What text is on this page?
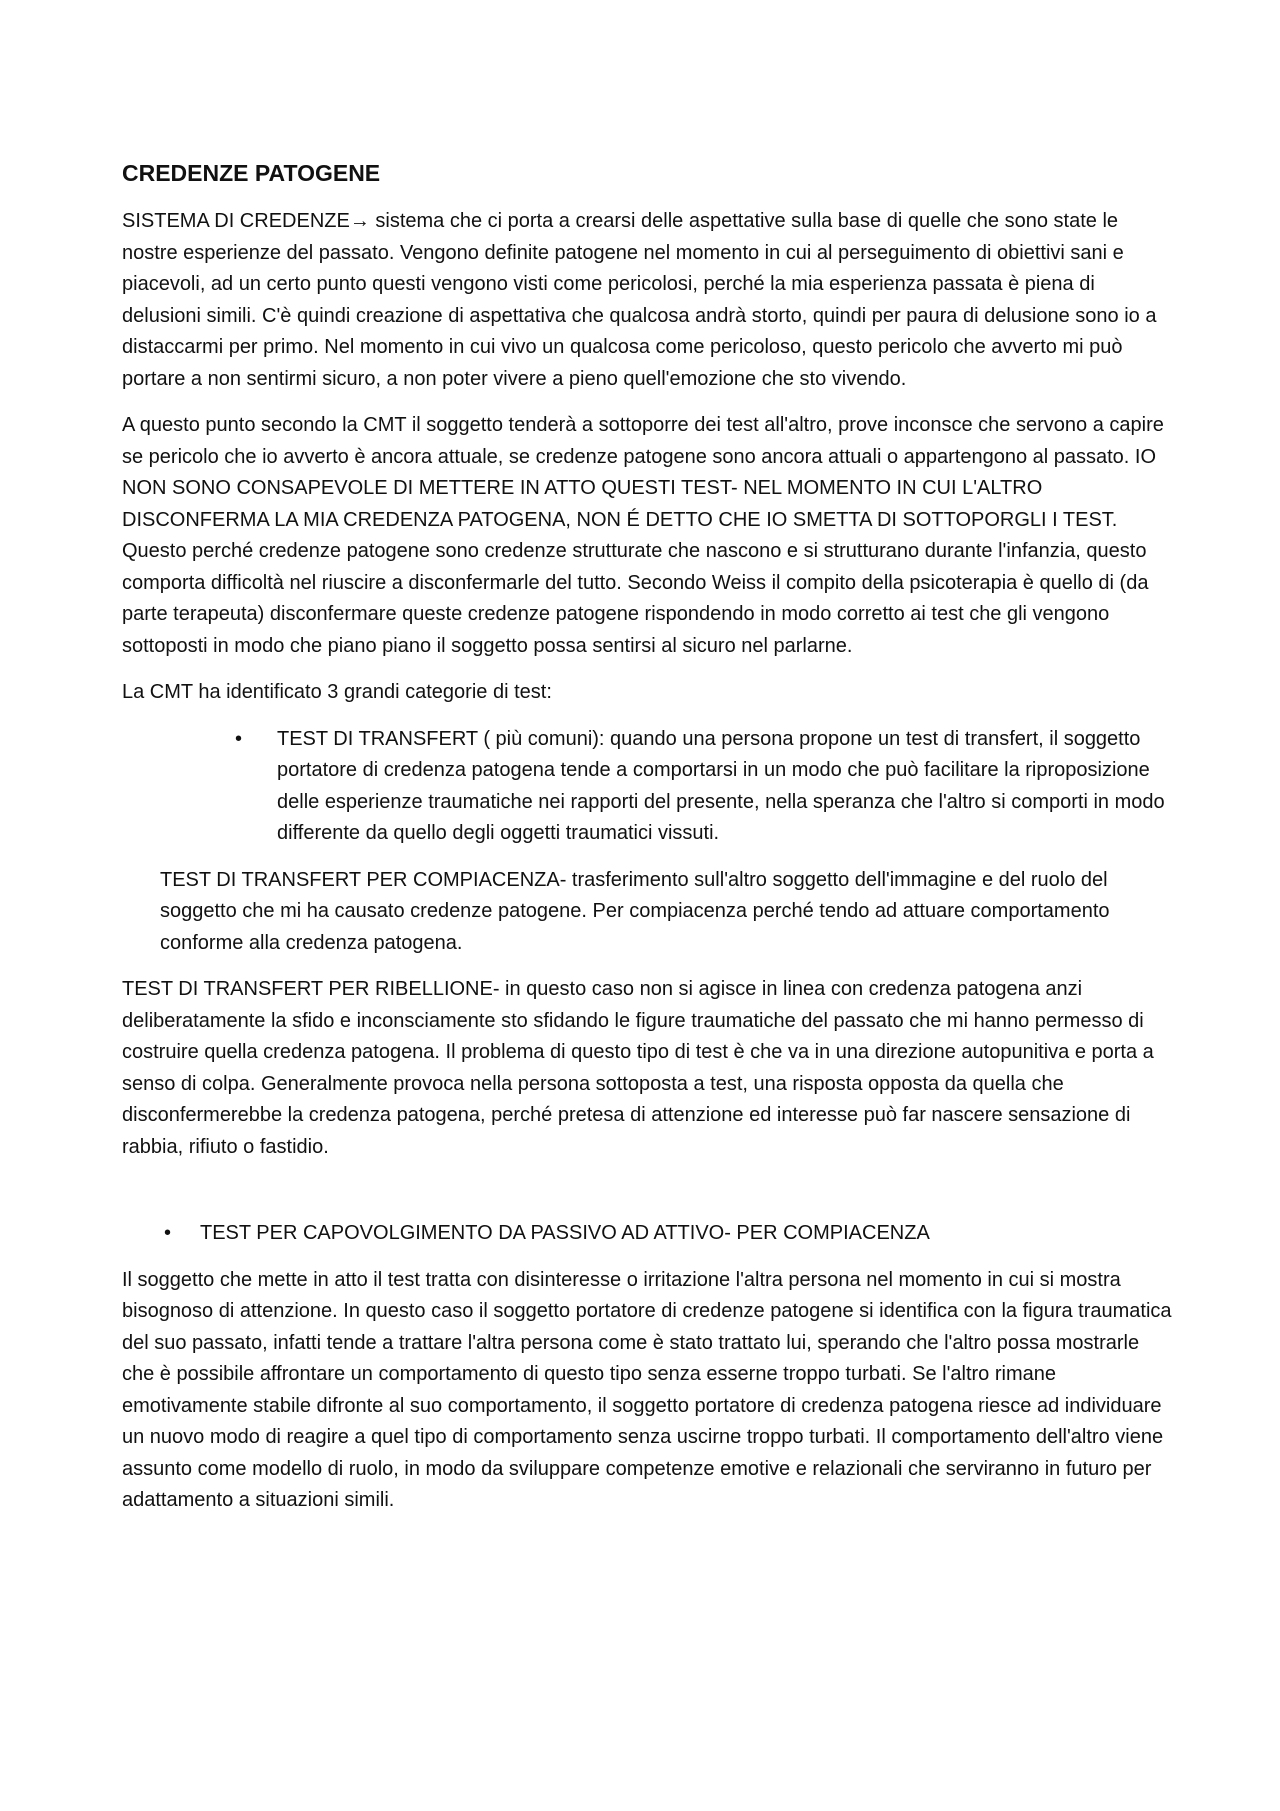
CREDENZE PATOGENE

SISTEMA DI CREDENZE→ sistema che ci porta a crearsi delle aspettative sulla base di quelle che sono state le nostre esperienze del passato. Vengono definite patogene nel momento in cui al perseguimento di obiettivi sani e piacevoli, ad un certo punto questi vengono visti come pericolosi, perché la mia esperienza passata è piena di delusioni simili. C'è quindi creazione di aspettativa che qualcosa andrà storto, quindi per paura di delusione sono io a distaccarmi per primo. Nel momento in cui vivo un qualcosa come pericoloso, questo pericolo che avverto mi può portare a non sentirmi sicuro, a non poter vivere a pieno quell'emozione che sto vivendo.

A questo punto secondo la CMT il soggetto tenderà a sottoporre dei test all'altro, prove inconsce che servono a capire se pericolo che io avverto è ancora attuale, se credenze patogene sono ancora attuali o appartengono al passato. IO NON SONO CONSAPEVOLE DI METTERE IN ATTO QUESTI TEST- NEL MOMENTO IN CUI L'ALTRO DISCONFERMA LA MIA CREDENZA PATOGENA, NON É DETTO CHE IO SMETTA DI SOTTOPORGLI I TEST. Questo perché credenze patogene sono credenze strutturate che nascono e si strutturano durante l'infanzia, questo comporta difficoltà nel riuscire a disconfermarle del tutto. Secondo Weiss il compito della psicoterapia è quello di (da parte terapeuta) disconfermare queste credenze patogene rispondendo in modo corretto ai test che gli vengono sottoposti in modo che piano piano il soggetto possa sentirsi al sicuro nel parlarne.

La CMT ha identificato 3 grandi categorie di test:

• TEST DI TRANSFERT ( più comuni): quando una persona propone un test di transfert, il soggetto portatore di credenza patogena tende a comportarsi in un modo che può facilitare la riproposizione delle esperienze traumatiche nei rapporti del presente, nella speranza che l'altro si comporti in modo differente da quello degli oggetti traumatici vissuti.

TEST DI TRANSFERT PER COMPIACENZA- trasferimento sull'altro soggetto dell'immagine e del ruolo del soggetto che mi ha causato credenze patogene. Per compiacenza perché tendo ad attuare comportamento conforme alla credenza patogena.

TEST DI TRANSFERT PER RIBELLIONE- in questo caso non si agisce in linea con credenza patogena anzi deliberatamente la sfido e inconsciamente sto sfidando le figure traumatiche del passato che mi hanno permesso di costruire quella credenza patogena. Il problema di questo tipo di test è che va in una direzione autopunitiva e porta a senso di colpa. Generalmente provoca nella persona sottoposta a test, una risposta opposta da quella che disconfermerebbe la credenza patogena, perché pretesa di attenzione ed interesse può far nascere sensazione di rabbia, rifiuto o fastidio.

• TEST PER CAPOVOLGIMENTO DA PASSIVO AD ATTIVO- PER COMPIACENZA

Il soggetto che mette in atto il test tratta con disinteresse o irritazione l'altra persona nel momento in cui si mostra bisognoso di attenzione. In questo caso il soggetto portatore di credenze patogene si identifica con la figura traumatica del suo passato, infatti tende a trattare l'altra persona come è stato trattato lui, sperando che l'altro possa mostrarle che è possibile affrontare un comportamento di questo tipo senza esserne troppo turbati. Se l'altro rimane emotivamente stabile difronte al suo comportamento, il soggetto portatore di credenza patogena riesce ad individuare un nuovo modo di reagire a quel tipo di comportamento senza uscirne troppo turbati. Il comportamento dell'altro viene assunto come modello di ruolo, in modo da sviluppare competenze emotive e relazionali che serviranno in futuro per adattamento a situazioni simili.
